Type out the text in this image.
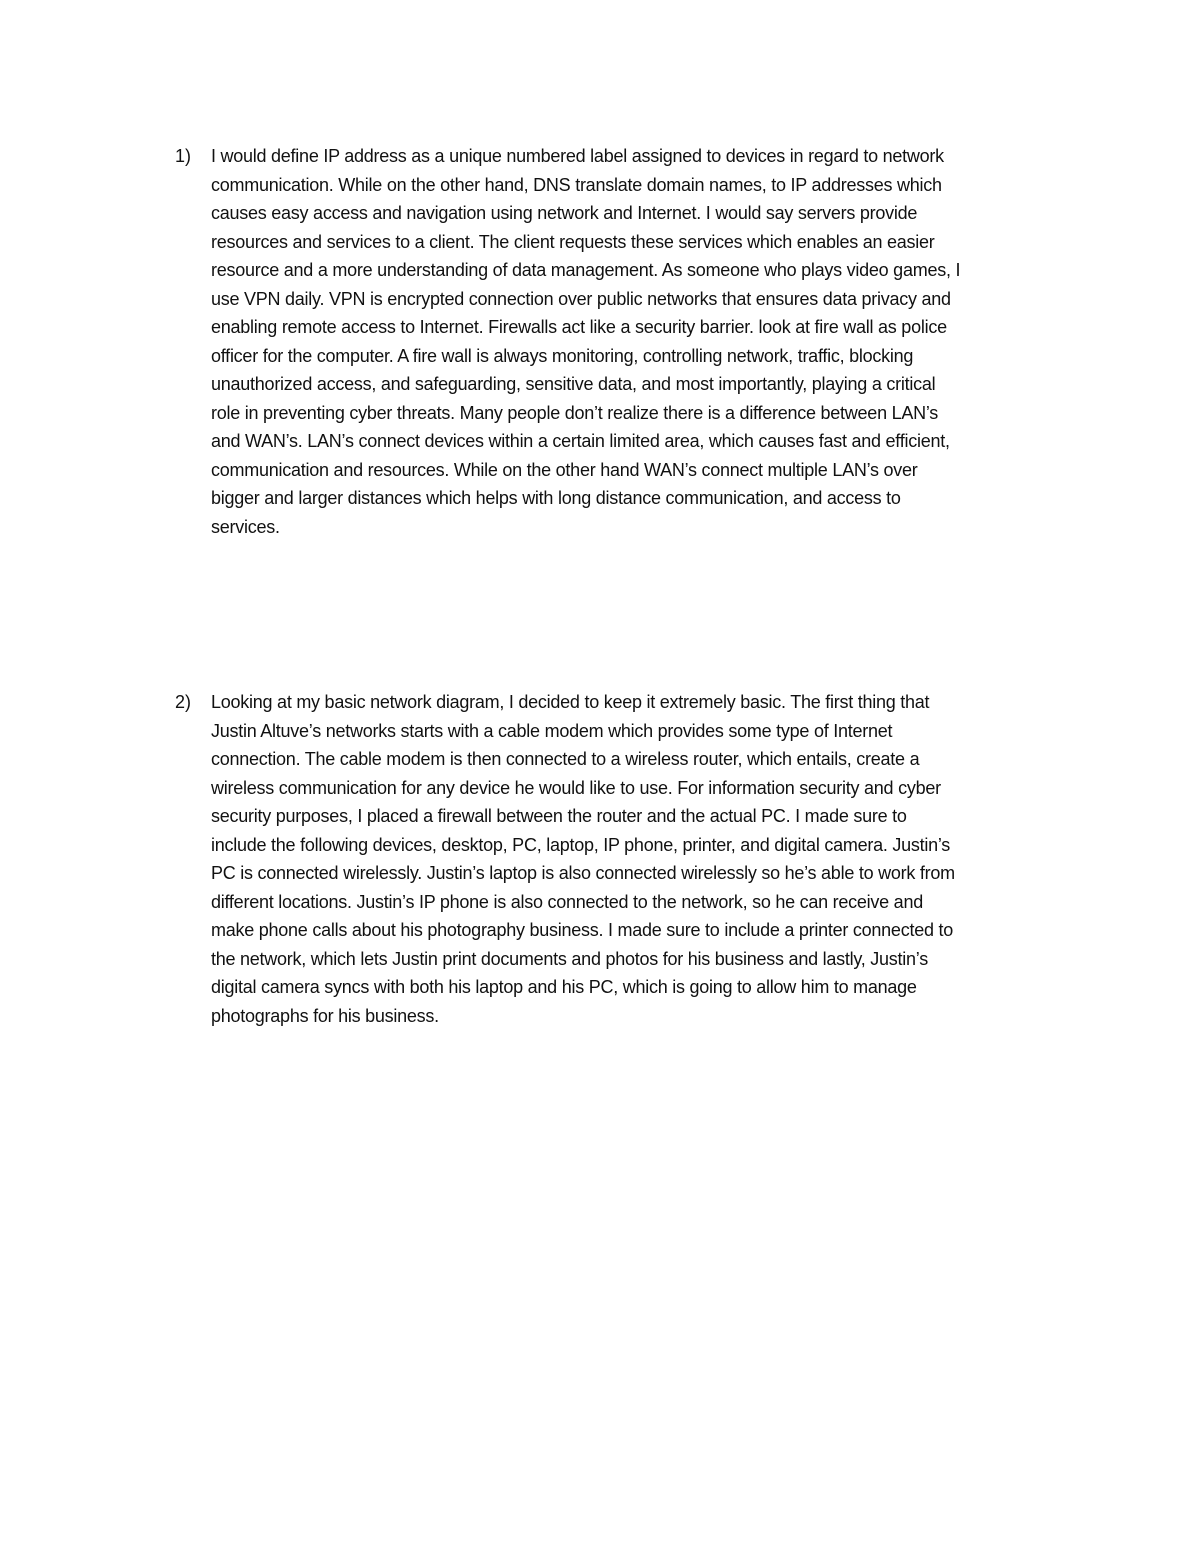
1) I would define IP address as a unique numbered label assigned to devices in regard to network
communication. While on the other hand, DNS translate domain names, to IP addresses which
causes easy access and navigation using network and Internet. I would say servers provide
resources and services to a client. The client requests these services which enables an easier
resource and a more understanding of data management. As someone who plays video games, I
use VPN daily. VPN is encrypted connection over public networks that ensures data privacy and
enabling remote access to Internet. Firewalls act like a security barrier. look at fire wall as police
officer for the computer. A fire wall is always monitoring, controlling network, traffic, blocking
unauthorized access, and safeguarding, sensitive data, and most importantly, playing a critical
role in preventing cyber threats. Many people don’t realize there is a difference between LAN’s
and WAN’s. LAN’s connect devices within a certain limited area, which causes fast and efficient,
communication and resources. While on the other hand WAN’s connect multiple LAN’s over
bigger and larger distances which helps with long distance communication, and access to
services.
2) Looking at my basic network diagram, I decided to keep it extremely basic. The first thing that
Justin Altuve’s networks starts with a cable modem which provides some type of Internet
connection. The cable modem is then connected to a wireless router, which entails, create a
wireless communication for any device he would like to use. For information security and cyber
security purposes, I placed a firewall between the router and the actual PC. I made sure to
include the following devices, desktop, PC, laptop, IP phone, printer, and digital camera. Justin’s
PC is connected wirelessly. Justin’s laptop is also connected wirelessly so he’s able to work from
different locations. Justin’s IP phone is also connected to the network, so he can receive and
make phone calls about his photography business. I made sure to include a printer connected to
the network, which lets Justin print documents and photos for his business and lastly, Justin’s
digital camera syncs with both his laptop and his PC, which is going to allow him to manage
photographs for his business.
